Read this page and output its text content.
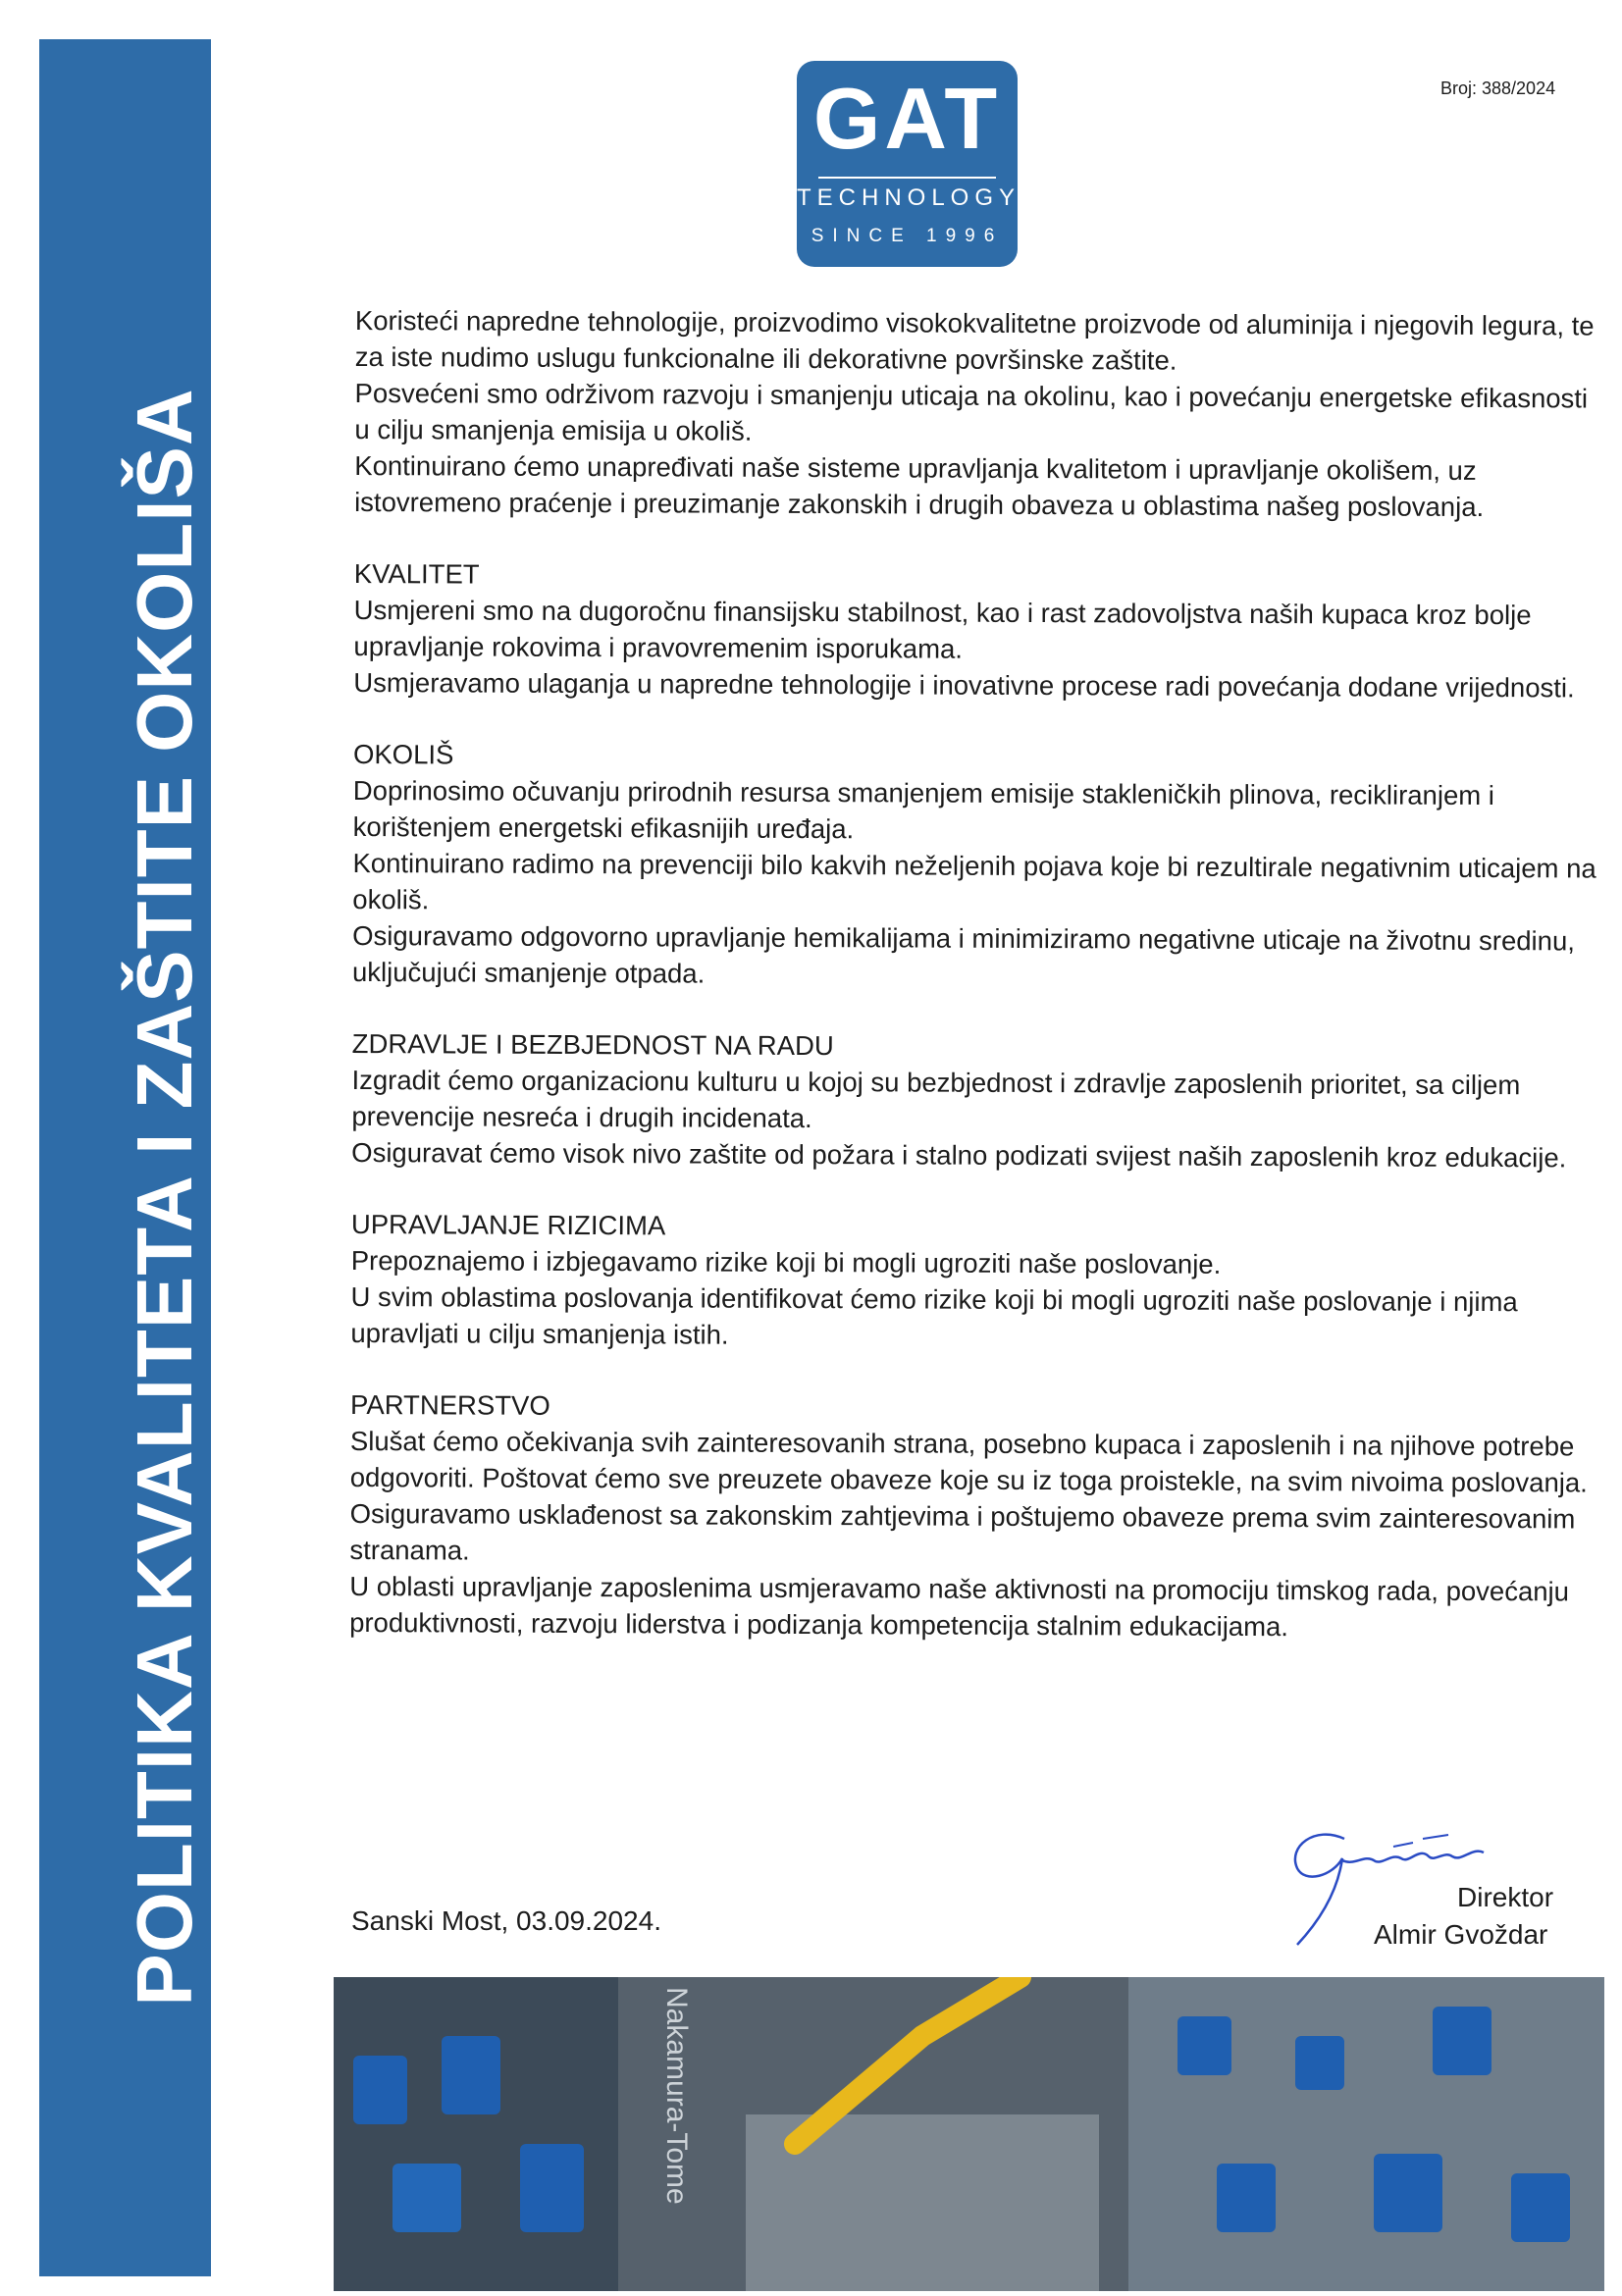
POLITIKA KVALITETA I ZAŠTITE OKOLIŠA
GAT
TECHNOLOGY
SINCE 1996
Broj: 388/2024

Koristeći napredne tehnologije, proizvodimo visokokvalitetne proizvode od aluminija i njegovih legura, te za iste nudimo uslugu funkcionalne ili dekorativne površinske zaštite.

Posvećeni smo održivom razvoju i smanjenju uticaja na okolinu, kao i povećanju energetske efikasnosti u cilju smanjenja emisija u okoliš.

Kontinuirano ćemo unapređivati naše sisteme upravljanja kvalitetom i upravljanje okolišem, uz istovremeno praćenje i preuzimanje zakonskih i drugih obaveza u oblastima našeg poslovanja.

KVALITET

Usmjereni smo na dugoročnu finansijsku stabilnost, kao i rast zadovoljstva naših kupaca kroz bolje upravljanje rokovima i pravovremenim isporukama.

Usmjeravamo ulaganja u napredne tehnologije i inovativne procese radi povećanja dodane vrijednosti.

OKOLIŠ

Doprinosimo očuvanju prirodnih resursa smanjenjem emisije stakleničkih plinova, recikliranjem i korištenjem energetski efikasnijih uređaja.

Kontinuirano radimo na prevenciji bilo kakvih neželjenih pojava koje bi rezultirale negativnim uticajem na okoliš.

Osiguravamo odgovorno upravljanje hemikalijama i minimiziramo negativne uticaje na životnu sredinu, uključujući smanjenje otpada.

ZDRAVLJE I BEZBJEDNOST NA RADU

Izgradit ćemo organizacionu kulturu u kojoj su bezbjednost i zdravlje zaposlenih prioritet, sa ciljem prevencije nesreća i drugih incidenata.

Osiguravat ćemo visok nivo zaštite od požara i stalno podizati svijest naših zaposlenih kroz edukacije.

UPRAVLJANJE RIZICIMA

Prepoznajemo i izbjegavamo rizike koji bi mogli ugroziti naše poslovanje.

U svim oblastima poslovanja identifikovat ćemo rizike koji bi mogli ugroziti naše poslovanje i njima upravljati u cilju smanjenja istih.

PARTNERSTVO

Slušat ćemo očekivanja svih zainteresovanih strana, posebno kupaca i zaposlenih i na njihove potrebe odgovoriti. Poštovat ćemo sve preuzete obaveze koje su iz toga proistekle, na svim nivoima poslovanja.

Osiguravamo usklađenost sa zakonskim zahtjevima i poštujemo obaveze prema svim zainteresovanim stranama.

U oblasti upravljanje zaposlenima usmjeravamo naše aktivnosti na promociju timskog rada, povećanju produktivnosti, razvoju liderstva i podizanja kompetencija stalnim edukacijama.

Sanski Most, 03.09.2024.
Direktor
Almir Gvoždar
Nakamura-Tome
